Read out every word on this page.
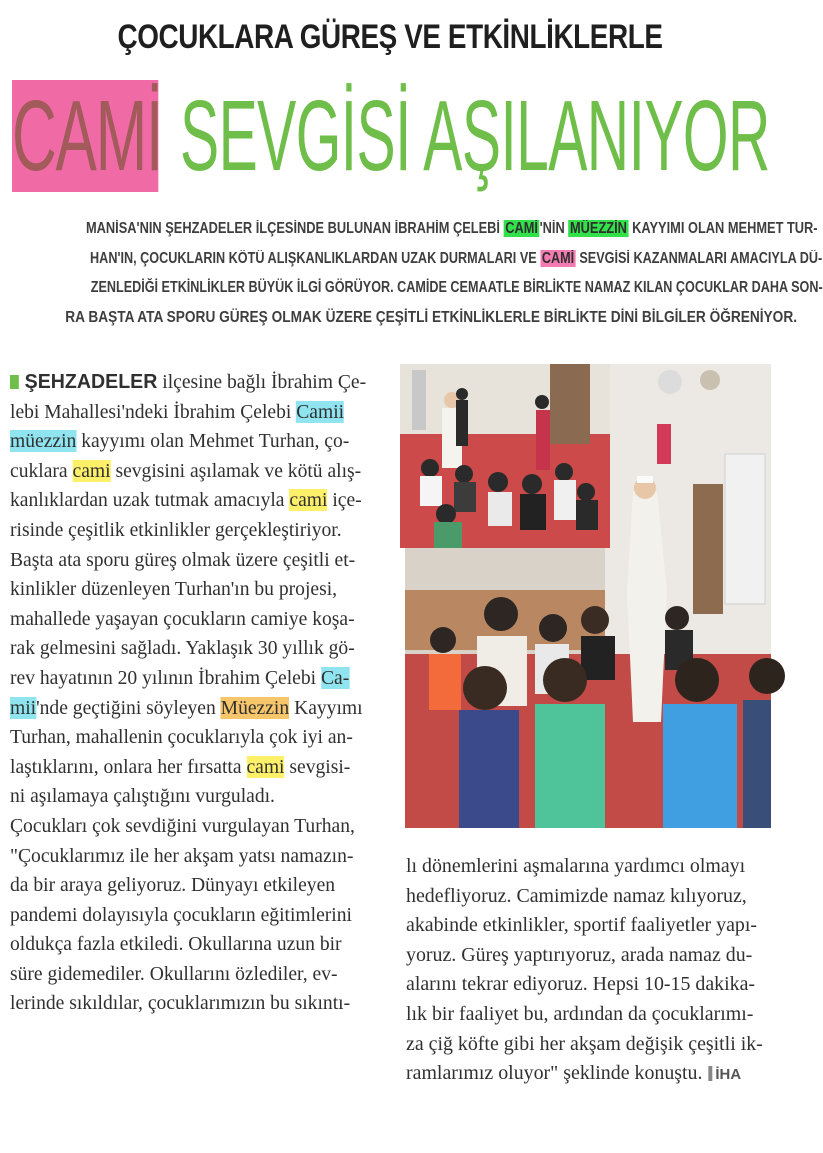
ÇOCUKLARA GÜREŞ VE ETKİNLİKLERLE
CAMİ SEVGİSİ AŞILANIYOR
MANİSA'NIN ŞEHZADELER İLÇESİNDE BULUNAN İBRAHİM ÇELEBİ CAMİ 'NİN MÜEZZİN KAYYIMI OLAN MEHMET TUR-
HAN'IN, ÇOCUKLARIN KÖTÜ ALIŞKANLIKLARDAN UZAK DURMALARI VE CAMİ SEVGİSİ KAZANMALARI AMACIYLA DÜ-
ZENLEDİĞİ ETKİNLİKLER BÜYÜK İLGİ GÖRÜYOR. CAMİDE CEMAATLE BİRLİKTE NAMAZ KILAN ÇOCUKLAR DAHA SON-
RA BAŞTA ATA SPORU GÜREŞ OLMAK ÜZERE ÇEŞİTLİ ETKİNLİKLERLE BİRLİKTE DİNİ BİLGİLER ÖĞRENİYOR.
ŞEHZADELER ilçesine bağlı İbrahim Çe-
lebi Mahallesi'ndeki İbrahim Çelebi Camii
müezzin kayyımı olan Mehmet Turhan, ço-
cuklara cami sevgisini aşılamak ve kötü alış-
kanlıklardan uzak tutmak amacıyla cami içe-
risinde çeşitlik etkinlikler gerçekleştiriyor.
Başta ata sporu güreş olmak üzere çeşitli et-
kinlikler düzenleyen Turhan'ın bu projesi,
mahallede yaşayan çocukların camiye koşa-
rak gelmesini sağladı. Yaklaşık 30 yıllık gö-
rev hayatının 20 yılının İbrahim Çelebi Ca-
mii'nde geçtiğini söyleyen Müezzin Kayyımı
Turhan, mahallenin çocuklarıyla çok iyi an-
laştıklarını, onlara her fırsatta cami sevgisi-
ni aşılamaya çalıştığını vurguladı.
Çocukları çok sevdiğini vurgulayan Turhan,
"Çocuklarımız ile her akşam yatsı namazın-
da bir araya geliyoruz. Dünyayı etkileyen
pandemi dolayısıyla çocukların eğitimlerini
oldukça fazla etkiledi. Okullarına uzun bir
süre gidemediler. Okullarını özlediler, ev-
lerinde sıkıldılar, çocuklarımızın bu sıkıntı-
lı dönemlerini aşmalarına yardımcı olmayı
hedefliyoruz. Camimizde namaz kılıyoruz,
akabinde etkinlikler, sportif faaliyetler yapı-
yoruz. Güreş yaptırıyoruz, arada namaz du-
alarını tekrar ediyoruz. Hepsi 10-15 dakika-
lık bir faaliyet bu, ardından da çocuklarımı-
za çiğ köfte gibi her akşam değişik çeşitli ik-
ramlarımız oluyor" şeklinde konuştu. İHA
